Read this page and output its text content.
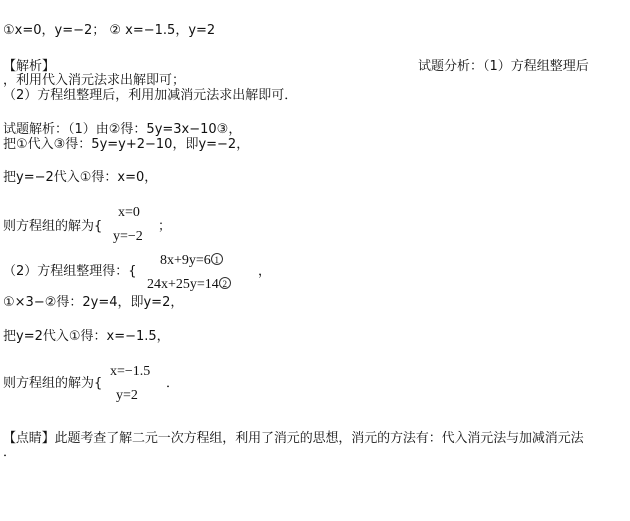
①x=0，y=−2； ② x=−1.5，y=2
【解析】	试题分析：（1）方程组整理后
，利用代入消元法求出解即可；
（2）方程组整理后，利用加减消元法求出解即可．
试题解析：（1）由②得：5y=3x−10③，
把①代入③得：5y=y+2−10，即y=−2，
把y=−2代入①得：x=0，
则方程组的解为{
x=0
y=−2
；
（2）方程组整理得：{
8x+9y=6 1
24x+25y=14 2
，
①×3−②得：2y=4，即y=2，
把y=2代入①得：x=−1.5，
则方程组的解为{
x=−1.5
y=2
．
【点睛】此题考查了解二元一次方程组，利用了消元的思想，消元的方法有：代入消元法与加减消元法
．
